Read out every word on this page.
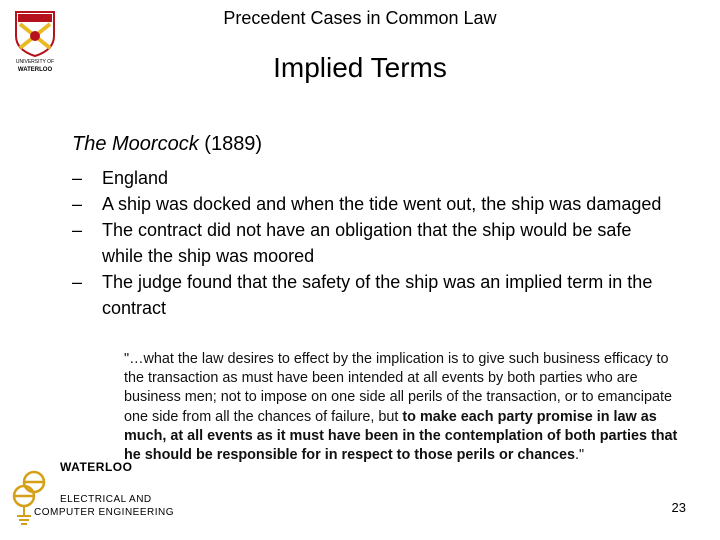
UNIVERSITY OF
WATERLOO
Precedent Cases in Common Law
Implied Terms
The Moorcock (1889)
– England
– A ship was docked and when the tide went out, the ship was damaged
– The contract did not have an obligation that the ship would be safe while the ship was moored
– The judge found that the safety of the ship was an implied term in the contract
"…what the law desires to effect by the implication is to give such business efficacy to the transaction as must have been intended at all events by both parties who are business men; not to impose on one side all perils of the transaction, or to emancipate one side from all the chances of failure, but to make each party promise in law as much, at all events as it must have been in the contemplation of both parties that he should be responsible for in respect to those perils or chances."
WATERLOO
ELECTRICAL AND
COMPUTER ENGINEERING	23
